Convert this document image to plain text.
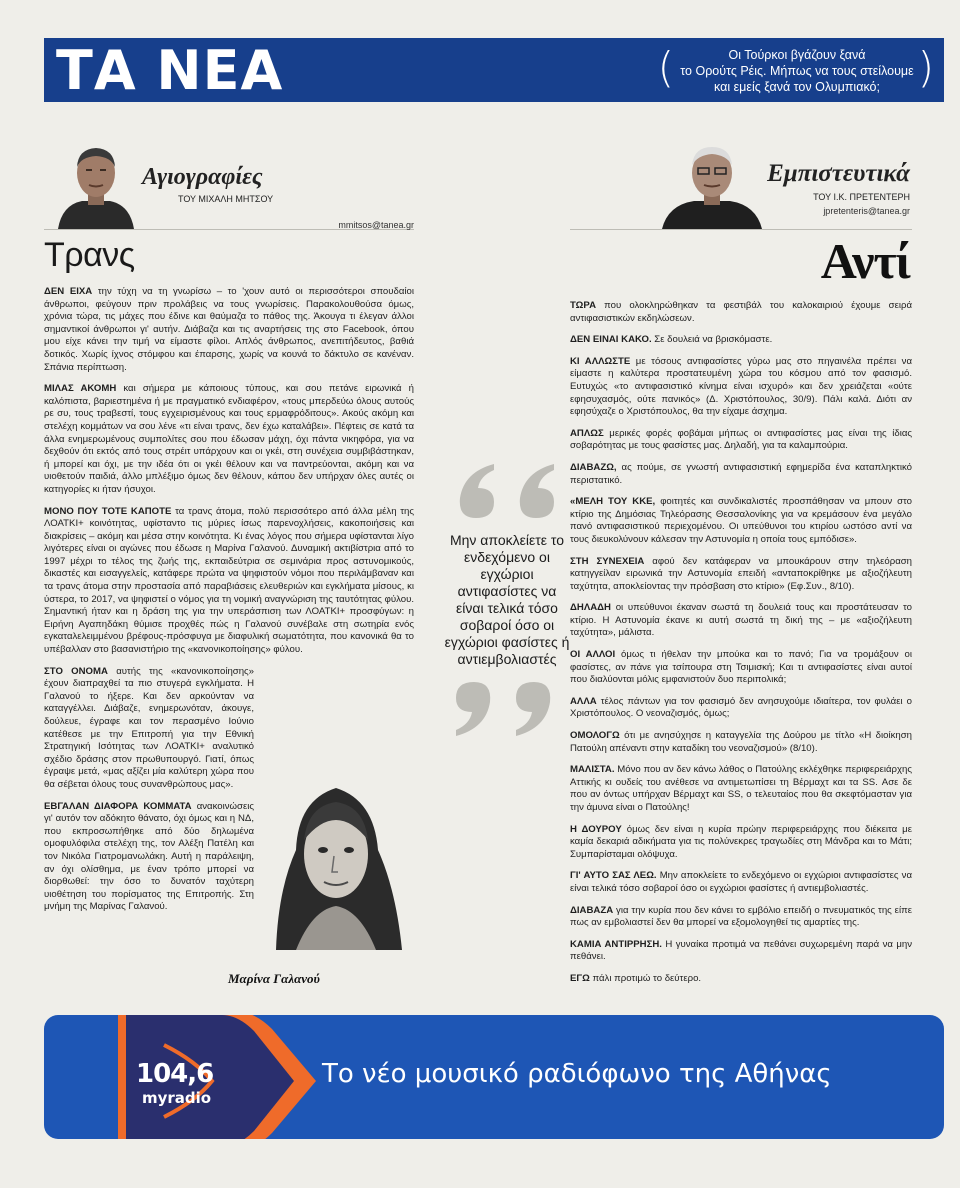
ΤΑ ΝΕΑ	(	Οι Τούρκοι βγάζουν ξανά
το Ορούτς Ρέις. Μήπως να τους στείλουμε
και εμείς ξανά τον Ολυμπιακό; )
Αγιογραφίες
ΤΟΥ ΜΙΧΑΛΗ ΜΗΤΣΟΥ
mmitsos@tanea.gr
Τρανς

ΔΕΝ ΕΙΧΑ την τύχη να τη γνωρίσω – το 'χουν αυτό οι περισσότεροι σπουδαίοι άνθρωποι, φεύγουν πριν προλάβεις να τους γνωρίσεις. Παρακολουθούσα όμως, χρόνια τώρα, τις μάχες που έδινε και θαύμαζα το πάθος της. Άκουγα τι έλεγαν άλλοι σημαντικοί άνθρωποι γι' αυτήν. Διάβαζα και τις αναρτήσεις της στο Facebook, όπου μου είχε κάνει την τιμή να είμαστε φίλοι. Απλός άνθρωπος, ανεπιτήδευτος, βαθιά δοτικός. Χωρίς ίχνος στόμφου και έπαρσης, χωρίς να κουνά το δάκτυλο σε κανέναν. Σπάνια περίπτωση.

ΜΙΛΑΣ ΑΚΟΜΗ και σήμερα με κάποιους τύπους, και σου πετάνε ειρωνικά ή καλόπιστα, βαριεστημένα ή με πραγματικό ενδιαφέρον, «τους μπερδεύω όλους αυτούς ρε συ, τους τραβεστί, τους εγχειρισμένους και τους ερμαφρόδιτους». Ακούς ακόμη και στελέχη κομμάτων να σου λένε «τι είναι τρανς, δεν έχω καταλάβει». Πέφτεις σε κατά τα άλλα ενημερωμένους συμπολίτες σου που έδωσαν μάχη, όχι πάντα νικηφόρα, για να δεχθούν ότι εκτός από τους στρέιτ υπάρχουν και οι γκέι, στη συνέχεια συμβιβάστηκαν, ή μπορεί και όχι, με την ιδέα ότι οι γκέι θέλουν και να παντρεύονται, ακόμη και να υιοθετούν παιδιά, άλλο μπλέξιμο όμως δεν θέλουν, κάπου δεν υπήρχαν όλες αυτές οι κατηγορίες κι ήταν ήσυχοι.

ΜΟΝΟ ΠΟΥ ΤΟΤΕ ΚΑΠΟΤΕ τα τρανς άτομα, πολύ περισσότερο από άλλα μέλη της ΛΟΑΤΚΙ+ κοινότητας, υφίσταντο τις μύριες ίσως παρενοχλήσεις, κακοποιήσεις και διακρίσεις – ακόμη και μέσα στην κοινότητα. Κι ένας λόγος που σήμερα υφίστανται λίγο λιγότερες είναι οι αγώνες που έδωσε η Μαρίνα Γαλανού. Δυναμική ακτιβίστρια από το 1997 μέχρι το τέλος της ζωής της, εκπαιδεύτρια σε σεμινάρια προς αστυνομικούς, δικαστές και εισαγγελείς, κατάφερε πρώτα να ψηφιστούν νόμοι που περιλάμβαναν και τα τρανς άτομα στην προστασία από παραβιάσεις ελευθεριών και εγκλήματα μίσους, κι ύστερα, το 2017, να ψηφιστεί ο νόμος για τη νομική αναγνώριση της ταυτότητας φύλου. Σημαντική ήταν και η δράση της για την υπεράσπιση των ΛΟΑΤΚΙ+ προσφύγων: η Ειρήνη Αγαπηδάκη θύμισε προχθές πώς η Γαλανού συνέβαλε στη σωτηρία ενός εγκαταλελειμμένου βρέφους-πρόσφυγα με διαφυλική σωματότητα, που κανονικά θα το υπέβαλλαν στο βασανιστήριο της «κανονικοποίησης» φύλου.

ΣΤΟ ΟΝΟΜΑ αυτής της «κανονικοποίησης» έχουν διαπραχθεί τα πιο στυγερά εγκλήματα. Η Γαλανού το ήξερε. Και δεν αρκούνταν να καταγγέλλει. Διάβαζε, ενημερωνόταν, άκουγε, δούλευε, έγραφε και τον περασμένο Ιούνιο κατέθεσε με την Επιτροπή για την Εθνική Στρατηγική Ισότητας των ΛΟΑΤΚΙ+ αναλυτικό σχέδιο δράσης στον πρωθυπουργό. Γιατί, όπως έγραψε μετά, «μας αξίζει μία καλύτερη χώρα που θα σέβεται όλους τους συνανθρώπους μας».

ΕΒΓΑΛΑΝ ΔΙΑΦΟΡΑ ΚΟΜΜΑΤΑ ανακοινώσεις γι' αυτόν τον αδόκητο θάνατο, όχι όμως και η ΝΔ, που εκπροσωπήθηκε από δύο δηλωμένα ομοφυλόφιλα στελέχη της, τον Αλέξη Πατέλη και τον Νικόλα Γιατρομανωλάκη. Αυτή η παράλειψη, αν όχι ολίσθημα, με έναν τρόπο μπορεί να διορθωθεί: την όσο το δυνατόν ταχύτερη υιοθέτηση του πορίσματος της Επιτροπής. Στη μνήμη της Μαρίνας Γαλανού.

Μαρίνα Γαλανού
Μην αποκλείετε το ενδεχόμενο οι εγχώριοι αντιφασίστες να είναι τελικά τόσο σοβαροί όσο οι εγχώριοι φασίστες ή αντιεμβολιαστές
Εμπιστευτικά
ΤΟΥ Ι.Κ. ΠΡΕΤΕΝΤΕΡΗ
jpretenteris@tanea.gr
Αντί

ΤΩΡΑ που ολοκληρώθηκαν τα φεστιβάλ του καλοκαιριού έχουμε σειρά αντιφασιστικών εκδηλώσεων.

ΔΕΝ ΕΙΝΑΙ ΚΑΚΟ. Σε δουλειά να βρισκόμαστε.

ΚΙ ΑΛΛΩΣΤΕ με τόσους αντιφασίστες γύρω μας στο πηγαινέλα πρέπει να είμαστε η καλύτερα προστατευμένη χώρα του κόσμου από τον φασισμό. Ευτυχώς «το αντιφασιστικό κίνημα είναι ισχυρό» και δεν χρειάζεται «ούτε εφησυχασμός, ούτε πανικός» (Δ. Χριστόπουλος, 30/9). Πάλι καλά. Διότι αν εφησύχαζε ο Χριστόπουλος, θα την είχαμε άσχημα.

ΑΠΛΩΣ μερικές φορές φοβάμαι μήπως οι αντιφασίστες μας είναι της ίδιας σοβαρότητας με τους φασίστες μας. Δηλαδή, για τα καλαμπούρια.

ΔΙΑΒΑΖΩ, ας πούμε, σε γνωστή αντιφασιστική εφημερίδα ένα καταπληκτικό περιστατικό.

«ΜΕΛΗ ΤΟΥ ΚΚΕ, φοιτητές και συνδικαλιστές προσπάθησαν να μπουν στο κτίριο της Δημόσιας Τηλεόρασης Θεσσαλονίκης για να κρεμάσουν ένα μεγάλο πανό αντιφασιστικού περιεχομένου. Οι υπεύθυνοι του κτιρίου ωστόσο αντί να τους διευκολύνουν κάλεσαν την Αστυνομία η οποία τους εμπόδισε».

ΣΤΗ ΣΥΝΕΧΕΙΑ αφού δεν κατάφεραν να μπουκάρουν στην τηλεόραση κατηγγείλαν ειρωνικά την Αστυνομία επειδή «ανταποκρίθηκε με αξιοζήλευτη ταχύτητα, αποκλείοντας την πρόσβαση στο κτίριο» (Εφ.Συν., 8/10).

ΔΗΛΑΔΗ οι υπεύθυνοι έκαναν σωστά τη δουλειά τους και προστάτευσαν το κτίριο. Η Αστυνομία έκανε κι αυτή σωστά τη δική της – με «αξιοζήλευτη ταχύτητα», μάλιστα.

ΟΙ ΑΛΛΟΙ όμως τι ήθελαν την μπούκα και το πανό; Για να τρομάξουν οι φασίστες, αν πάνε για τσίπουρα στη Τσιμισκή; Και τι αντιφασίστες είναι αυτοί που διαλύονται μόλις εμφανιστούν δυο περιπολικά;

ΑΛΛΑ τέλος πάντων για τον φασισμό δεν ανησυχούμε ιδιαίτερα, τον φυλάει ο Χριστόπουλος. Ο νεοναζισμός, όμως;

ΟΜΟΛΟΓΩ ότι με ανησύχησε η καταγγελία της Δούρου με τίτλο «Η διοίκηση Πατούλη απέναντι στην καταδίκη του νεοναζισμού» (8/10).

ΜΑΛΙΣΤΑ. Μόνο που αν δεν κάνω λάθος ο Πατούλης εκλέχθηκε περιφερειάρχης Αττικής κι ουδείς του ανέθεσε να αντιμετωπίσει τη Βέρμαχτ και τα SS. Ασε δε που αν όντως υπήρχαν Βέρμαχτ και SS, ο τελευταίος που θα σκεφτόμασταν για την άμυνα είναι ο Πατούλης!

Η ΔΟΥΡΟΥ όμως δεν είναι η κυρία πρώην περιφερειάρχης που διέκειτα με καμία δεκαριά αδικήματα για τις πολύνεκρες τραγωδίες στη Μάνδρα και το Μάτι; Συμπαρίσταμαι ολόψυχα.

ΓΙ' ΑΥΤΟ ΣΑΣ ΛΕΩ. Μην αποκλείετε το ενδεχόμενο οι εγχώριοι αντιφασίστες να είναι τελικά τόσο σοβαροί όσο οι εγχώριοι φασίστες ή αντιεμβολιαστές.

ΔΙΑΒΑΖΑ για την κυρία που δεν κάνει το εμβόλιο επειδή ο πνευματικός της είπε πως αν εμβολιαστεί δεν θα μπορεί να εξομολογηθεί τις αμαρτίες της.

ΚΑΜΙΑ ΑΝΤΙΡΡΗΣΗ. Η γυναίκα προτιμά να πεθάνει συχωρεμένη παρά να μην πεθάνει.

ΕΓΩ πάλι προτιμώ το δεύτερο.

104,6
myradio
Το νέο μουσικό ραδιόφωνο της Αθήνας
